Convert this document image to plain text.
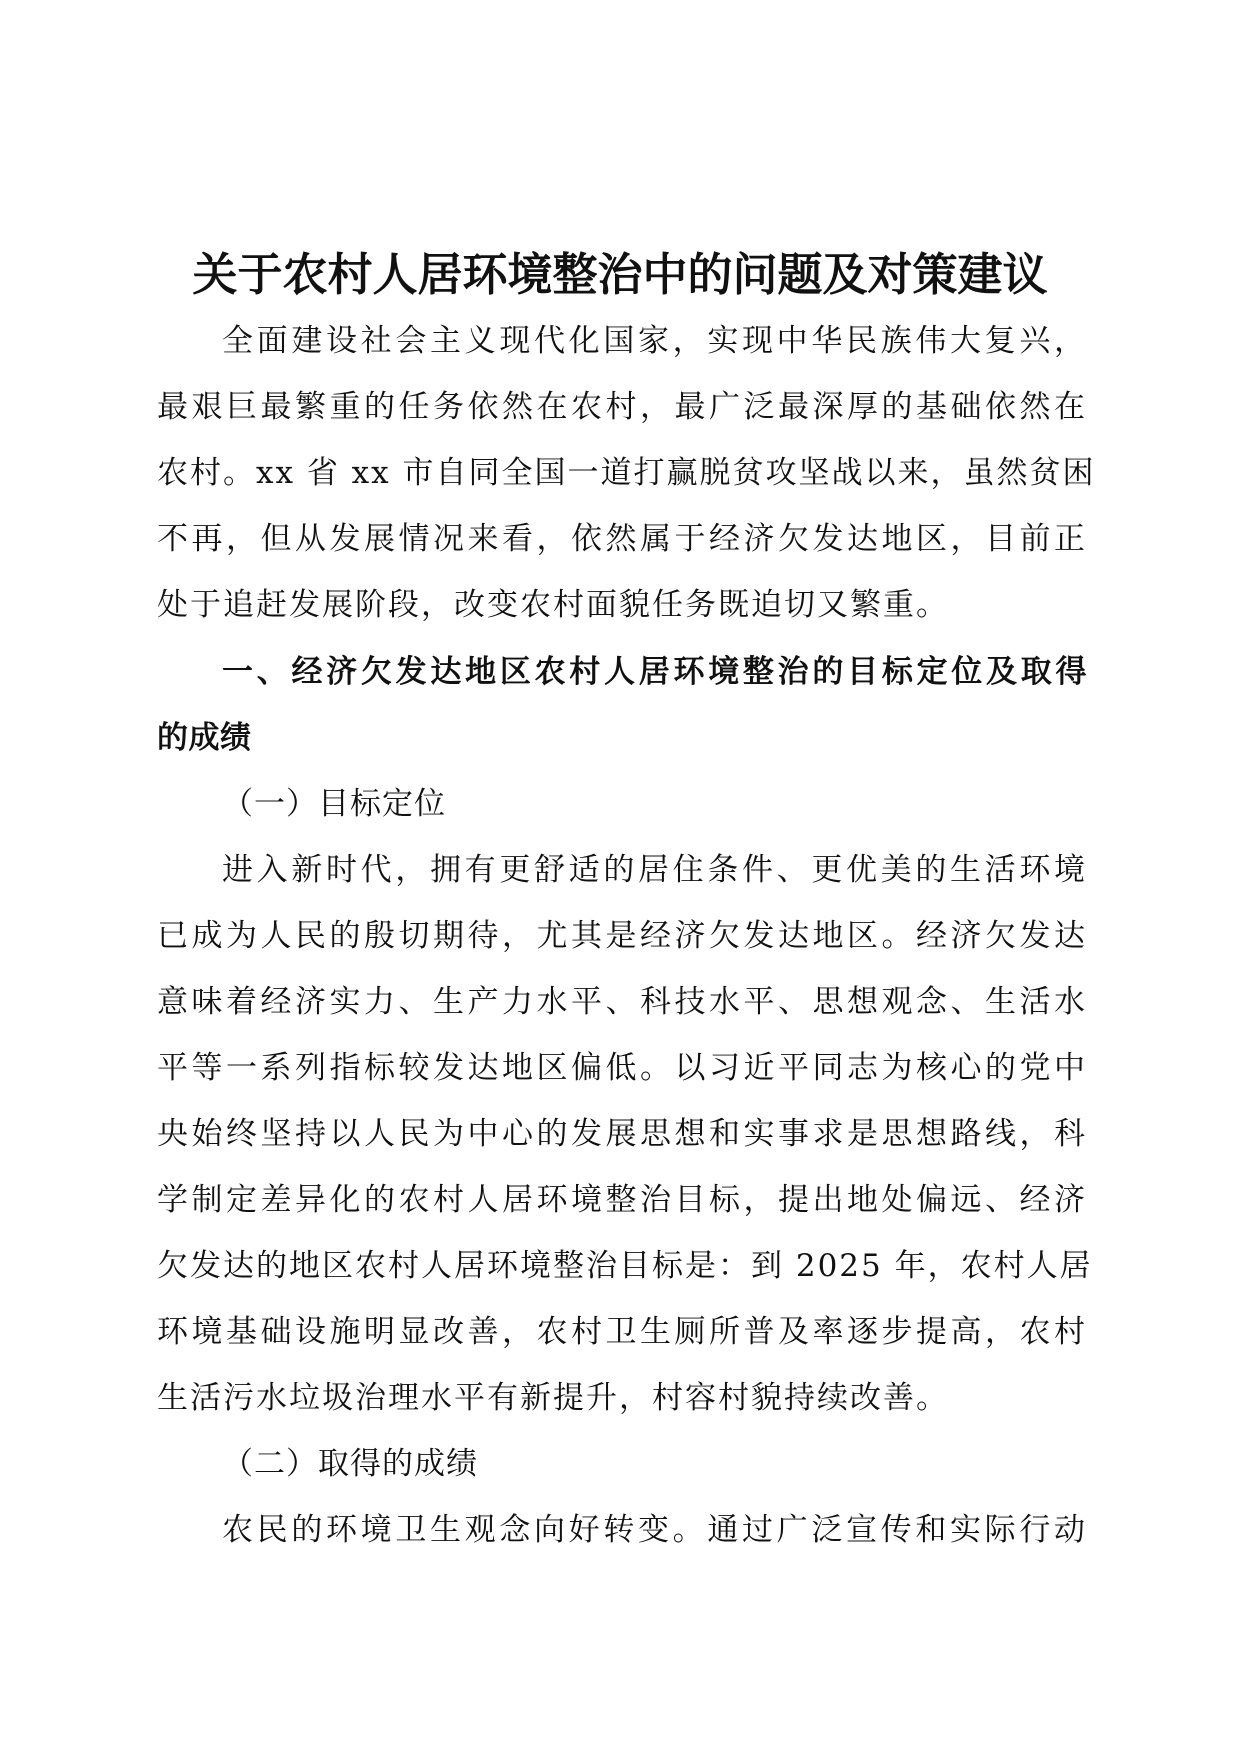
关于农村人居环境整治中的问题及对策建议
全面建设社会主义现代化国家，实现中华民族伟大复兴，
最艰巨最繁重的任务依然在农村，最广泛最深厚的基础依然在
农村。xx 省 xx 市自同全国一道打赢脱贫攻坚战以来，虽然贫困
不再，但从发展情况来看，依然属于经济欠发达地区，目前正
处于追赶发展阶段，改变农村面貌任务既迫切又繁重。
一、经济欠发达地区农村人居环境整治的目标定位及取得
的成绩
（一）目标定位
进入新时代，拥有更舒适的居住条件、更优美的生活环境
已成为人民的殷切期待，尤其是经济欠发达地区。经济欠发达
意味着经济实力、生产力水平、科技水平、思想观念、生活水
平等一系列指标较发达地区偏低。以习近平同志为核心的党中
央始终坚持以人民为中心的发展思想和实事求是思想路线，科
学制定差异化的农村人居环境整治目标，提出地处偏远、经济
欠发达的地区农村人居环境整治目标是：到 2025 年，农村人居
环境基础设施明显改善，农村卫生厕所普及率逐步提高，农村
生活污水垃圾治理水平有新提升，村容村貌持续改善。
（二）取得的成绩
农民的环境卫生观念向好转变。通过广泛宣传和实际行动
